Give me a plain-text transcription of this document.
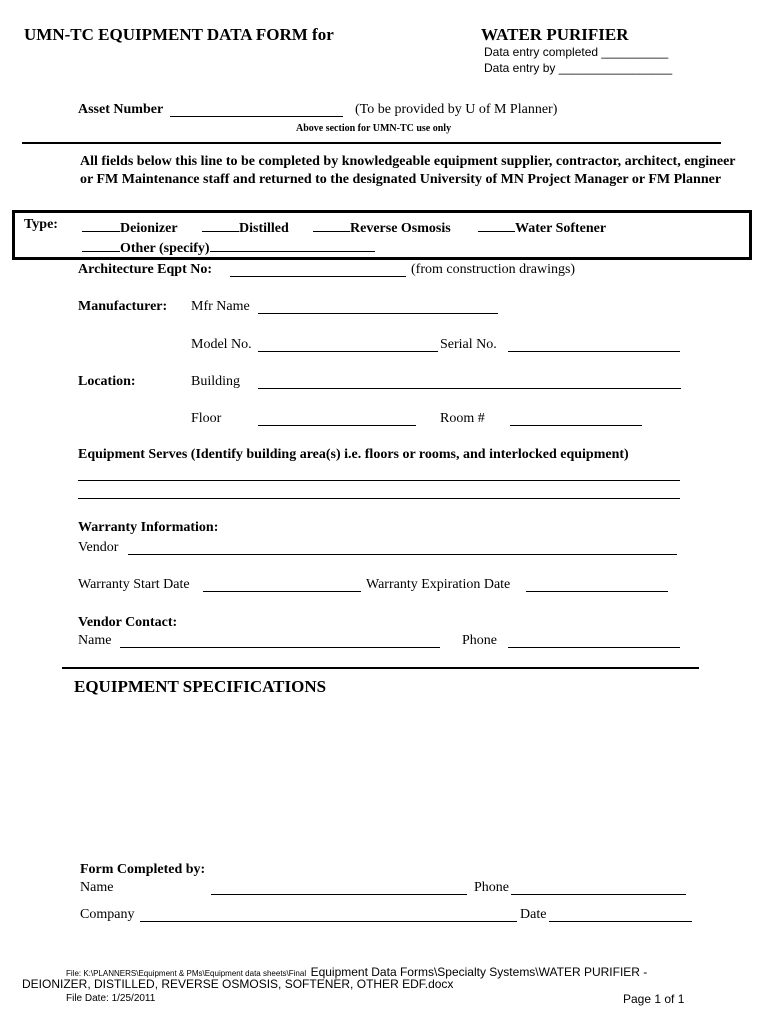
UMN-TC EQUIPMENT DATA FORM for	WATER PURIFIER
Data entry completed __________
Data entry by _________________
Asset Number	(To be provided by U of M Planner)
Above section for UMN-TC use only
All fields below this line to be completed by knowledgeable equipment supplier, contractor, architect, engineer or FM Maintenance staff and returned to the designated University of MN Project Manager or FM Planner
Type:	Deionizer	Distilled	Reverse Osmosis	Water Softener
Other (specify)
Architecture Eqpt No:	(from construction drawings)
Manufacturer: Mfr Name
Model No.	Serial No.
Location:	Building
Floor	Room #
Equipment Serves (Identify building area(s) i.e. floors or rooms, and interlocked equipment)
Warranty Information:
Vendor
Warranty Start Date	Warranty Expiration Date
Vendor Contact:
Name	Phone
EQUIPMENT SPECIFICATIONS
Form Completed by:
Name	Phone
Company	Date
File: K:\PLANNERS\Equipment & PMs\Equipment data sheets\Final Equipment Data Forms\Specialty Systems\WATER PURIFIER -
DEIONIZER, DISTILLED, REVERSE OSMOSIS, SOFTENER, OTHER EDF.docx
File Date: 1/25/2011	Page 1 of 1
